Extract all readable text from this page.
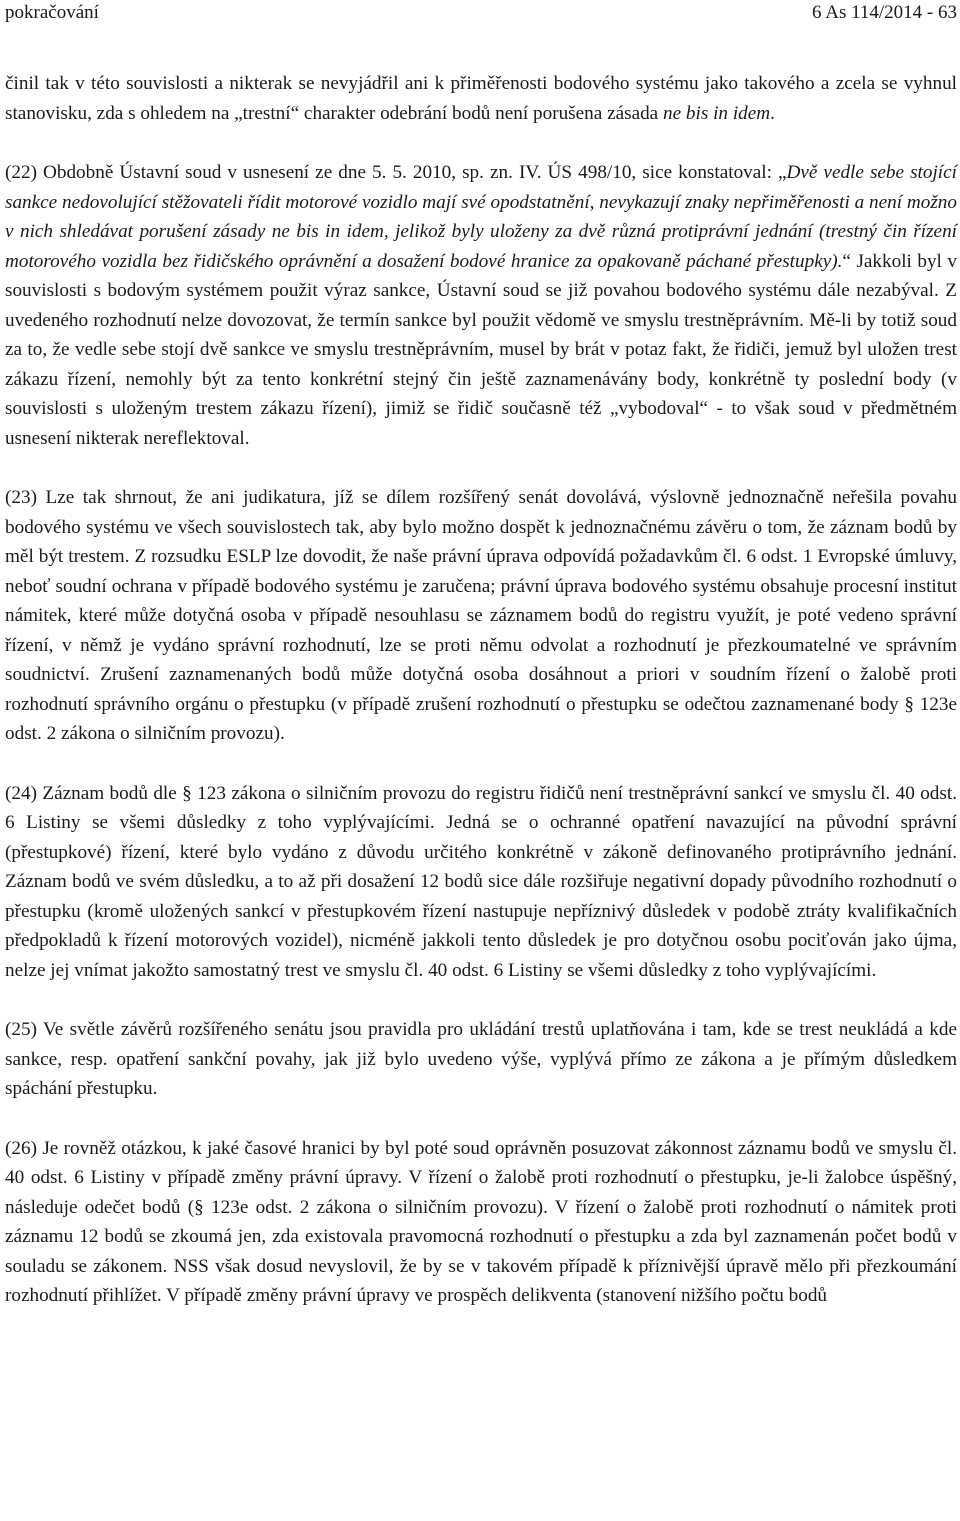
pokračování	6 As 114/2014 - 63

činil tak v této souvislosti a nikterak se nevyjádřil ani k přiměřenosti bodového systému jako takového a zcela se vyhnul stanovisku, zda s ohledem na „trestní“ charakter odebrání bodů není porušena zásada ne bis in idem.

(22) Obdobně Ústavní soud v usnesení ze dne 5. 5. 2010, sp. zn. IV. ÚS 498/10, sice konstatoval: „Dvě vedle sebe stojící sankce nedovolující stěžovateli řídit motorové vozidlo mají své opodstatnění, nevykazují znaky nepřiměřenosti a není možno v nich shledávat porušení zásady ne bis in idem, jelikož byly uloženy za dvě různá protiprávní jednání (trestný čin řízení motorového vozidla bez řidičského oprávnění a dosažení bodové hranice za opakovaně páchané přestupky).“ Jakkoli byl v souvislosti s bodovým systémem použit výraz sankce, Ústavní soud se již povahou bodového systému dále nezabýval. Z uvedeného rozhodnutí nelze dovozovat, že termín sankce byl použit vědomě ve smyslu trestněprávním. Mě-li by totiž soud za to, že vedle sebe stojí dvě sankce ve smyslu trestněprávním, musel by brát v potaz fakt, že řidiči, jemuž byl uložen trest zákazu řízení, nemohly být za tento konkrétní stejný čin ještě zaznamenávány body, konkrétně ty poslední body (v souvislosti s uloženým trestem zákazu řízení), jimiž se řidič současně též „vybodoval“ - to však soud v předmětném usnesení nikterak nereflektoval.

(23) Lze tak shrnout, že ani judikatura, jíž se dílem rozšířený senát dovolává, výslovně jednoznačně neřešila povahu bodového systému ve všech souvislostech tak, aby bylo možno dospět k jednoznačnému závěru o tom, že záznam bodů by měl být trestem. Z rozsudku ESLP lze dovodit, že naše právní úprava odpovídá požadavkům čl. 6 odst. 1 Evropské úmluvy, neboť soudní ochrana v případě bodového systému je zaručena; právní úprava bodového systému obsahuje procesní institut námitek, které může dotyčná osoba v případě nesouhlasu se záznamem bodů do registru využít, je poté vedeno správní řízení, v němž je vydáno správní rozhodnutí, lze se proti němu odvolat a rozhodnutí je přezkoumatelné ve správním soudnictví. Zrušení zaznamenaných bodů může dotyčná osoba dosáhnout a priori v soudním řízení o žalobě proti rozhodnutí správního orgánu o přestupku (v případě zrušení rozhodnutí o přestupku se odečtou zaznamenané body § 123e odst. 2 zákona o silničním provozu).

(24) Záznam bodů dle § 123 zákona o silničním provozu do registru řidičů není trestněprávní sankcí ve smyslu čl. 40 odst. 6 Listiny se všemi důsledky z toho vyplývajícími. Jedná se o ochranné opatření navazující na původní správní (přestupkové) řízení, které bylo vydáno z důvodu určitého konkrétně v zákoně definovaného protiprávního jednání. Záznam bodů ve svém důsledku, a to až při dosažení 12 bodů sice dále rozšiřuje negativní dopady původního rozhodnutí o přestupku (kromě uložených sankcí v přestupkovém řízení nastupuje nepříznivý důsledek v podobě ztráty kvalifikačních předpokladů k řízení motorových vozidel), nicméně jakkoli tento důsledek je pro dotyčnou osobu pociťován jako újma, nelze jej vnímat jakožto samostatný trest ve smyslu čl. 40 odst. 6 Listiny se všemi důsledky z toho vyplývajícími.

(25) Ve světle závěrů rozšířeného senátu jsou pravidla pro ukládání trestů uplatňována i tam, kde se trest neukládá a kde sankce, resp. opatření sankční povahy, jak již bylo uvedeno výše, vyplývá přímo ze zákona a je přímým důsledkem spáchání přestupku.

(26) Je rovněž otázkou, k jaké časové hranici by byl poté soud oprávněn posuzovat zákonnost záznamu bodů ve smyslu čl. 40 odst. 6 Listiny v případě změny právní úpravy. V řízení o žalobě proti rozhodnutí o přestupku, je-li žalobce úspěšný, následuje odečet bodů (§ 123e odst. 2 zákona o silničním provozu). V řízení o žalobě proti rozhodnutí o námitek proti záznamu 12 bodů se zkoumá jen, zda existovala pravomocná rozhodnutí o přestupku a zda byl zaznamenán počet bodů v souladu se zákonem. NSS však dosud nevyslovil, že by se v takovém případě k příznivější úpravě mělo při přezkoumání rozhodnutí přihlížet. V případě změny právní úpravy ve prospěch delikventa (stanovení nižšího počtu bodů
